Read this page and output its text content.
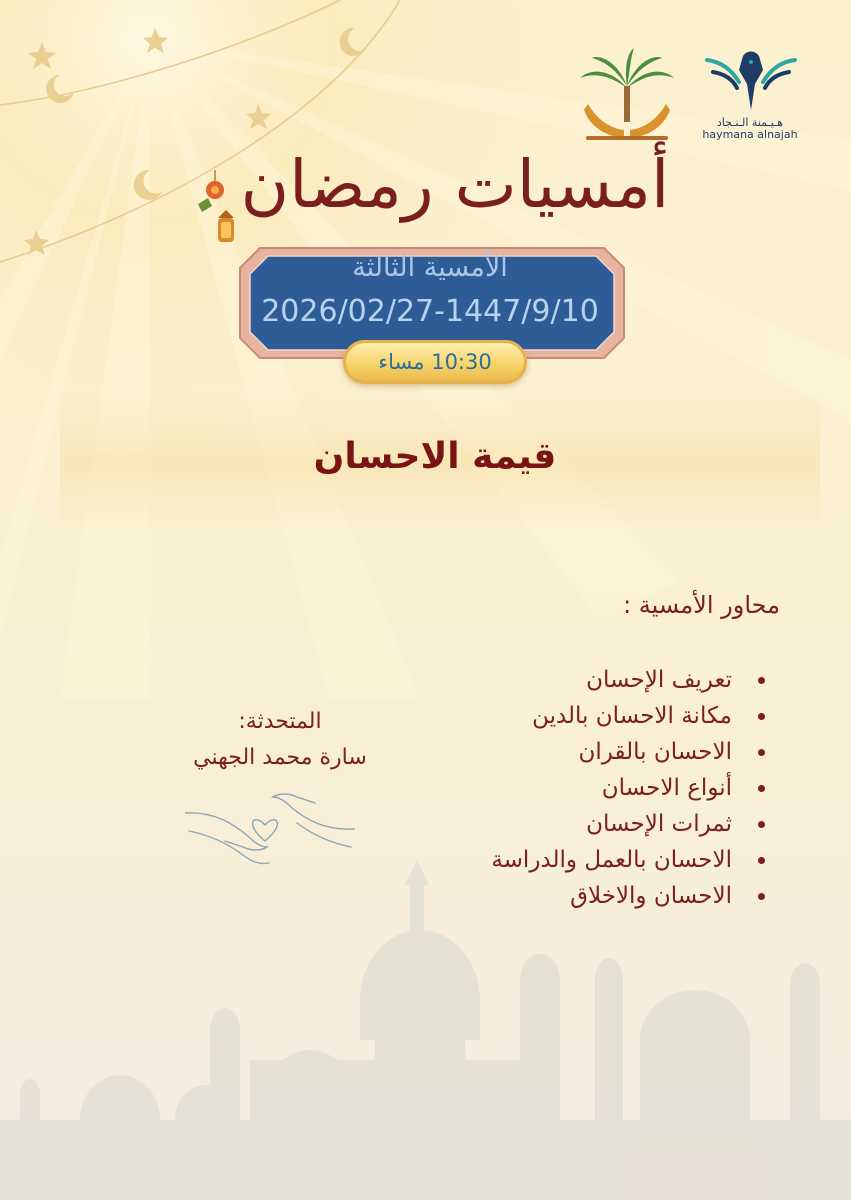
هـيـمنة الـنـجاد
haymana alnajah
أمسيات رمضان
الأمسية الثالثة
2026/02/27-1447/9/10
10:30 مساء
قيمة الاحسان
محاور الأمسية :
تعريف الإحسان
مكانة الاحسان بالدين
الاحسان بالقران
أنواع الاحسان
ثمرات الإحسان
الاحسان بالعمل والدراسة
الاحسان والاخلاق
المتحدثة:
سارة محمد الجهني
